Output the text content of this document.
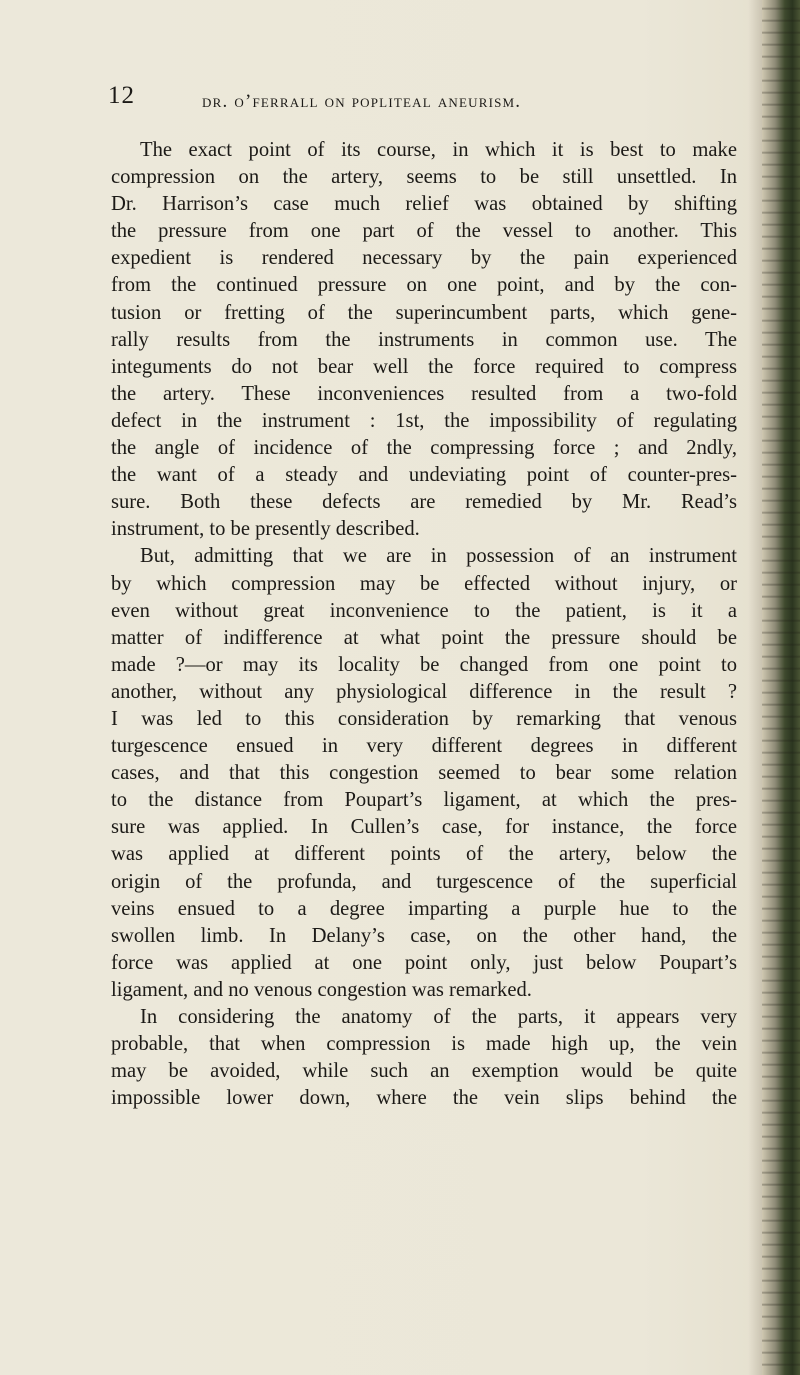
12	dr. o’ferrall on popliteal aneurism.
The exact point of its course, in which it is best to make
compression on the artery, seems to be still unsettled. In
Dr. Harrison’s case much relief was obtained by shifting
the pressure from one part of the vessel to another. This
expedient is rendered necessary by the pain experienced
from the continued pressure on one point, and by the con-
tusion or fretting of the superincumbent parts, which gene-
rally results from the instruments in common use. The
integuments do not bear well the force required to compress
the artery. These inconveniences resulted from a two-fold
defect in the instrument : 1st, the impossibility of regulating
the angle of incidence of the compressing force ; and 2ndly,
the want of a steady and undeviating point of counter-pres-
sure. Both these defects are remedied by Mr. Read’s
instrument, to be presently described.
But, admitting that we are in possession of an instrument
by which compression may be effected without injury, or
even without great inconvenience to the patient, is it a
matter of indifference at what point the pressure should be
made ?—or may its locality be changed from one point to
another, without any physiological difference in the result ?
I was led to this consideration by remarking that venous
turgescence ensued in very different degrees in different
cases, and that this congestion seemed to bear some relation
to the distance from Poupart’s ligament, at which the pres-
sure was applied. In Cullen’s case, for instance, the force
was applied at different points of the artery, below the
origin of the profunda, and turgescence of the superficial
veins ensued to a degree imparting a purple hue to the
swollen limb. In Delany’s case, on the other hand, the
force was applied at one point only, just below Poupart’s
ligament, and no venous congestion was remarked.
In considering the anatomy of the parts, it appears very
probable, that when compression is made high up, the vein
may be avoided, while such an exemption would be quite
impossible lower down, where the vein slips behind the
